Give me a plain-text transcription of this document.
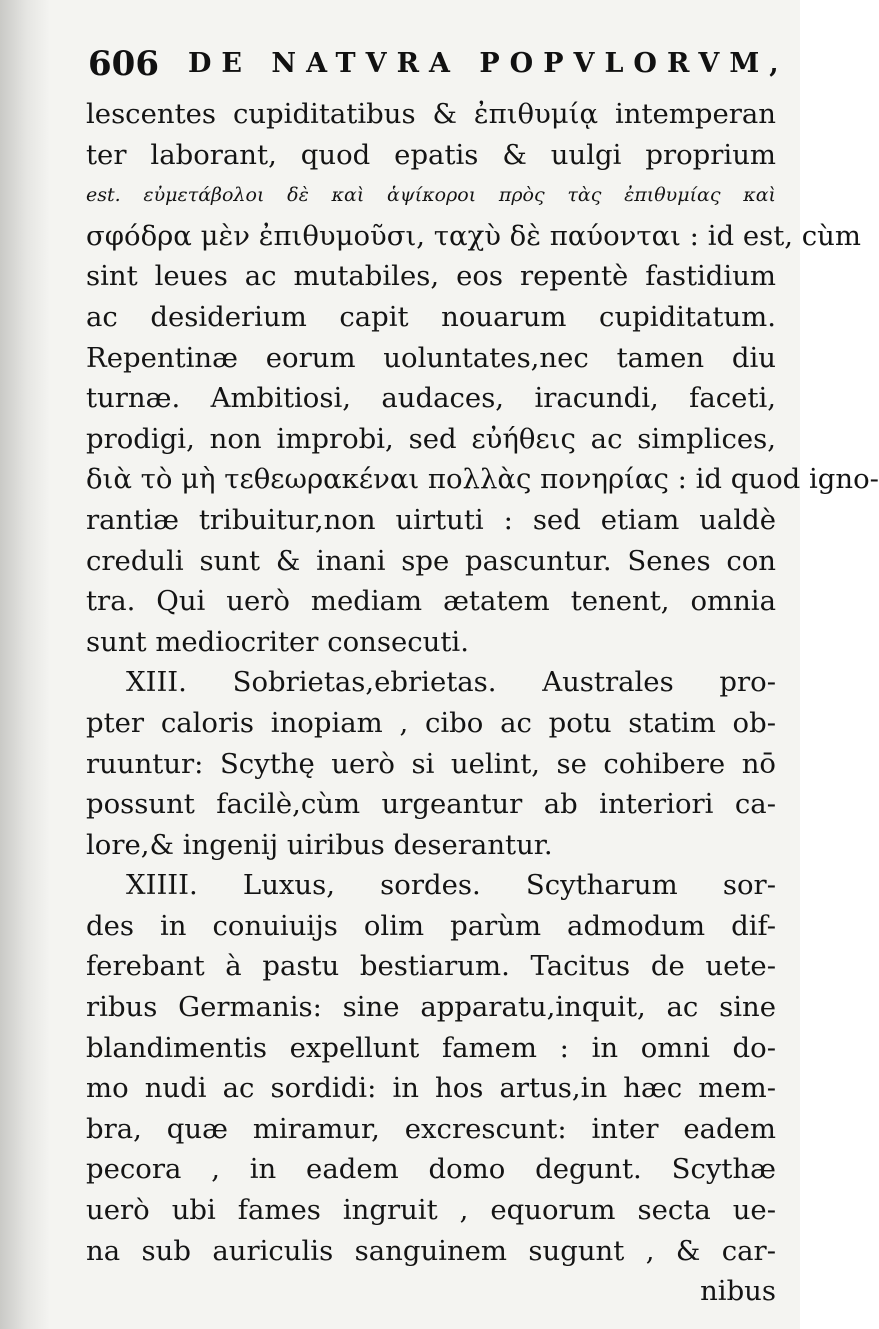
606 DE NATVRA POPVLORVM,
lescentes cupiditatibus & ἐπιθυμίᾳ intemperan
ter laborant, quod epatis & uulgi proprium
est. εὐμετάβολοι δὲ καὶ ἁψίκοροι πρὸς τὰς ἐπιθυμίας καὶ
σφόδρα μὲν ἐπιθυμοῦσι, ταχὺ δὲ παύονται : id est, cùm
sint leues ac mutabiles, eos repentè fastidium
ac desiderium capit nouarum cupiditatum.
Repentinæ eorum uoluntates,nec tamen diu
turnæ. Ambitiosi, audaces, iracundi, faceti,
prodigi, non improbi, sed εὐήθεις ac simplices,
διὰ τὸ μὴ τεθεωρακέναι πολλὰς πονηρίας : id quod igno-
rantiæ tribuitur,non uirtuti : sed etiam ualdè
creduli sunt & inani spe pascuntur. Senes con
tra. Qui uerò mediam ætatem tenent, omnia
sunt mediocriter consecuti.
XIII. Sobrietas,ebrietas. Australes pro-
pter caloris inopiam , cibo ac potu statim ob-
ruuntur: Scythę uerò si uelint, se cohibere nō
possunt facilè,cùm urgeantur ab interiori ca-
lore,& ingenij uiribus deserantur.
XIIII. Luxus, sordes. Scytharum sor-
des in conuiuijs olim parùm admodum dif-
ferebant à pastu bestiarum. Tacitus de uete-
ribus Germanis: sine apparatu,inquit, ac sine
blandimentis expellunt famem : in omni do-
mo nudi ac sordidi: in hos artus,in hæc mem-
bra, quæ miramur, excrescunt: inter eadem
pecora , in eadem domo degunt. Scythæ
uerò ubi fames ingruit , equorum secta ue-
na sub auriculis sanguinem sugunt , & car-
nibus
